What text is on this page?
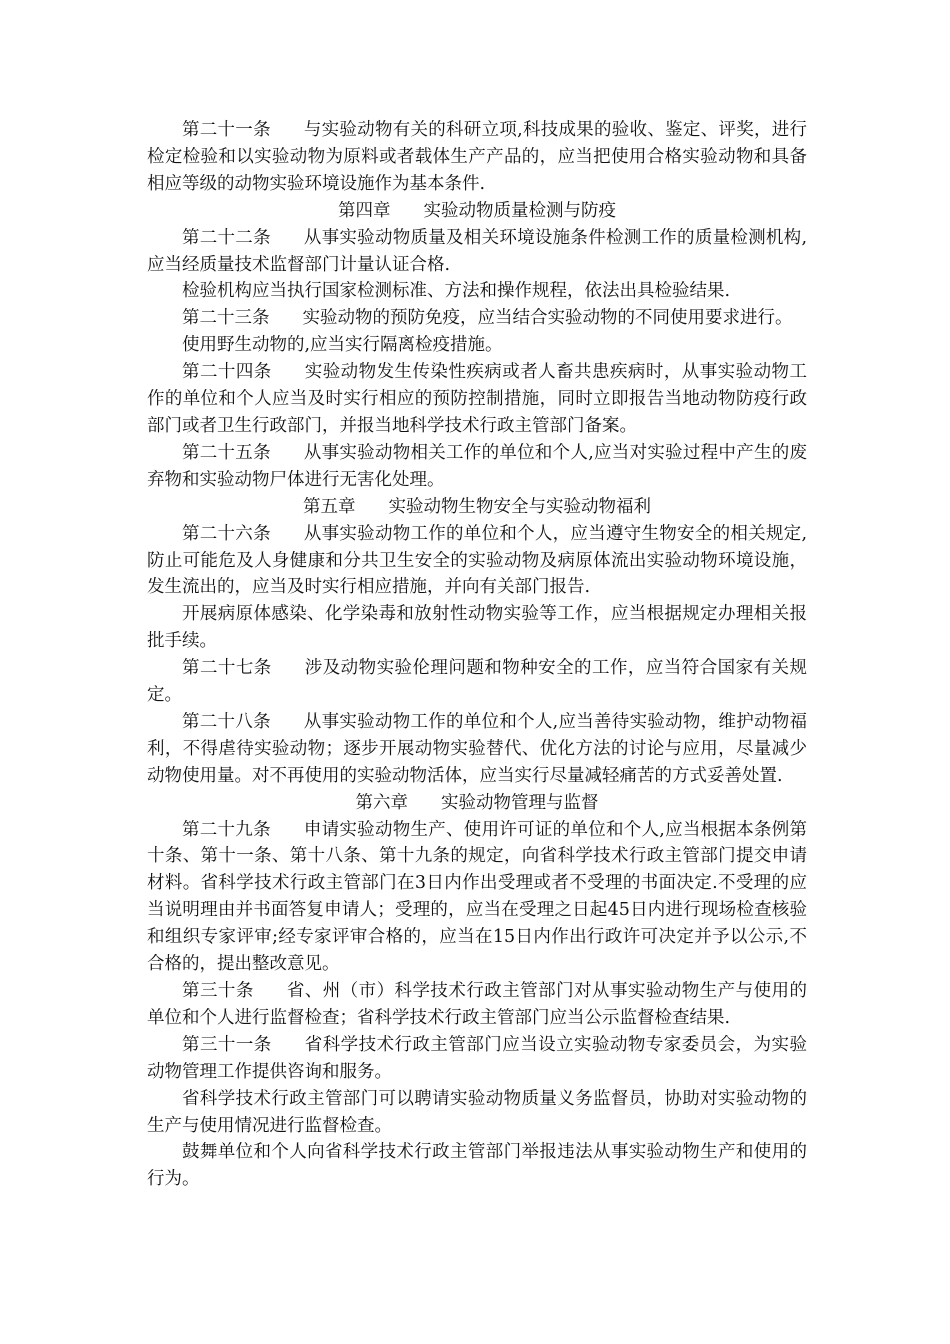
第二十一条 与实验动物有关的科研立项,科技成果的验收、鉴定、评奖，进行检定检验和以实验动物为原料或者载体生产产品的，应当把使用合格实验动物和具备相应等级的动物实验环境设施作为基本条件.

第四章 实验动物质量检测与防疫

第二十二条 从事实验动物质量及相关环境设施条件检测工作的质量检测机构,应当经质量技术监督部门计量认证合格.

检验机构应当执行国家检测标准、方法和操作规程，依法出具检验结果.

第二十三条 实验动物的预防免疫，应当结合实验动物的不同使用要求进行。

使用野生动物的,应当实行隔离检疫措施。

第二十四条 实验动物发生传染性疾病或者人畜共患疾病时，从事实验动物工作的单位和个人应当及时实行相应的预防控制措施，同时立即报告当地动物防疫行政部门或者卫生行政部门，并报当地科学技术行政主管部门备案。

第二十五条 从事实验动物相关工作的单位和个人,应当对实验过程中产生的废弃物和实验动物尸体进行无害化处理。

第五章 实验动物生物安全与实验动物福利

第二十六条 从事实验动物工作的单位和个人，应当遵守生物安全的相关规定,防止可能危及人身健康和分共卫生安全的实验动物及病原体流出实验动物环境设施，发生流出的，应当及时实行相应措施，并向有关部门报告.

开展病原体感染、化学染毒和放射性动物实验等工作，应当根据规定办理相关报批手续。

第二十七条 涉及动物实验伦理问题和物种安全的工作，应当符合国家有关规定。

第二十八条 从事实验动物工作的单位和个人,应当善待实验动物，维护动物福利，不得虐待实验动物；逐步开展动物实验替代、优化方法的讨论与应用，尽量减少动物使用量。对不再使用的实验动物活体，应当实行尽量减轻痛苦的方式妥善处置.

第六章 实验动物管理与监督

第二十九条 申请实验动物生产、使用许可证的单位和个人,应当根据本条例第十条、第十一条、第十八条、第十九条的规定，向省科学技术行政主管部门提交申请材料。省科学技术行政主管部门在3日内作出受理或者不受理的书面决定.不受理的应当说明理由并书面答复申请人；受理的，应当在受理之日起45日内进行现场检查核验和组织专家评审;经专家评审合格的，应当在15日内作出行政许可决定并予以公示,不合格的，提出整改意见。

第三十条 省、州（市）科学技术行政主管部门对从事实验动物生产与使用的单位和个人进行监督检查；省科学技术行政主管部门应当公示监督检查结果.

第三十一条 省科学技术行政主管部门应当设立实验动物专家委员会，为实验动物管理工作提供咨询和服务。

省科学技术行政主管部门可以聘请实验动物质量义务监督员，协助对实验动物的生产与使用情况进行监督检查。

鼓舞单位和个人向省科学技术行政主管部门举报违法从事实验动物生产和使用的行为。
